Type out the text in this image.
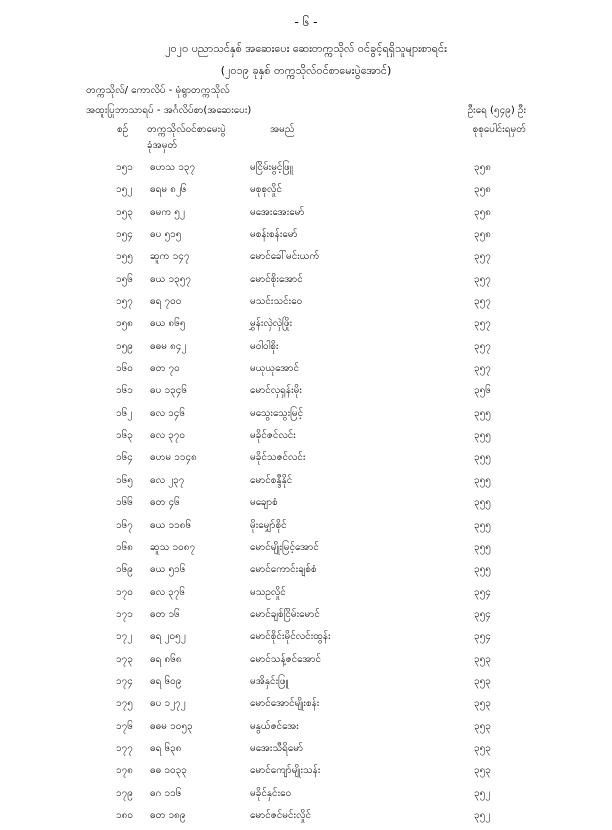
- ၆ -
၂၀၂၀ ပညာသင်နှစ် အဆေးပေး ဆေးတက္ကသိုလ် ဝင်ခွင့်ရရှိသူများစာရင်း
(၂၀၁၉ ခုနှစ် တက္ကသိုလ်ဝင်စာမေးပွဲအောင်)
တက္ကသိုလ်/ ကောလိပ် - မုံရွာတက္ကသိုလ်
အထူးပြုဘာသာရပ် - အင်္ဂလိပ်စာ(အဆေးပေး)	ဦးရေ (၅၄၉) ဦး
စဉ် တက္ကသိုလ်ဝင်စာမေးပွဲ
ခုံအမှတ်
အမည်	စုစုပေါင်းရမှတ်
၁၅၁ ဓဟသ ၁၃၇	မငြိမ်းမွင့်ဖြူ	၃၅၈
၁၅၂ ဓရမ ၈၂၆	မစုစုလှိုင်	၃၅၈
၁၅၃ ဓမက ၅၂	မအေးအေးမော်	၃၅၈
၁၅၄ ဓပ ၅၁၅	မစန်းစန်းမော်	၃၅၈
၁၅၅ ဆူက ၁၄၇	မောင်ခေါ်မင်းယက်	၃၅၇
၁၅၆ ဓယ ၁၃၅၇	မောင်စိုးအောင်	၃၅၇
၁၅၇ ဓရ ၇၀၀	မသင်းသင်းဝေ	၃၅၇
၁၅၈ ဓယ ၈၆၅	မွှန်းလှဲလှဲဖြိုး	၃၅၇
၁၅၉ ဓဓမ ၈၄၂	မဝါဝါစိုး	၃၅၇
၁၆၀ ဓတ ၇၀	မယုယုအောင်	၃၅၇
၁၆၁ ဓပ ၁၃၄၆	မောင်လှရှန်းမိုး	၃၅၆
၁၆၂ ဓလ ၁၄၆	မသွေးသွေးမြင့်	၃၅၅
၁၆၃ ဓလ ၃၇၀	မခိုင်ဇင်လင်း	၃၅၅
၁၆၄ ဓဟမ ၁၁၄၈	မခိုင်သဇင်လင်း	၃၅၅
၁၆၅ ဓလ ၂၃၇	မောင်စန္ဒီနိုင်	၃၅၅
၁၆၆ ဓတ ၄၆	မချောစံ	၃၅၅
၁၆၇ ဓယ ၁၁၈၆	မိုးမျှော်စိုင်	၃၅၅
၁၆၈ ဆူသ ၁၀၈၇	မောင်မျိုးမြင့်အောင်	၃၅၅
၁၆၉ ဓယ ၅၁၆	မောင်ကောင်းချစ်စံ	၃၅၅
၁၇၀ ဓလ ၃၇၆	မသဥလှိုင်	၃၅၄
၁၇၁ ဓတ ၁၆	မောင်ချစ်ငြိမ်းမောင်	၃၅၄
၁၇၂ ဓရ ၂၀၅၂	မောင်စိုင်းမိုင်လင်းထွန်း	၃၅၄
၁၇၃ ဓရ ၈၆၈	မောင်သန့်ဇင်အောင်	၃၅၃
၁၇၄ ဓရ ၆၀၉	မအိနှင်းဖြူ	၃၅၃
၁၇၅ ဓပ ၁၂၇၂	မောင်အောင်မျိုးစန်း	၃၅၃
၁၇၆ ဓဓမ ၁၀၅၃	မနွယ်ဇင်အေး	၃၅၃
၁၇၇ ဓရ ၆၃၈	မအေးသီရိမော်	၃၅၃
၁၇၈ ဓဓ ၁၀၃၃	မောင်ကျော်မျိုးသန်း	၃၅၃
၁၇၉ ဓဂ ၁၁၆	မခိုင်နှင်းဝေ	၃၅၂
၁၈၀ ဓတ ၁၈၉	မောင်ဇင်မင်းလှိုင်	၃၅၂
